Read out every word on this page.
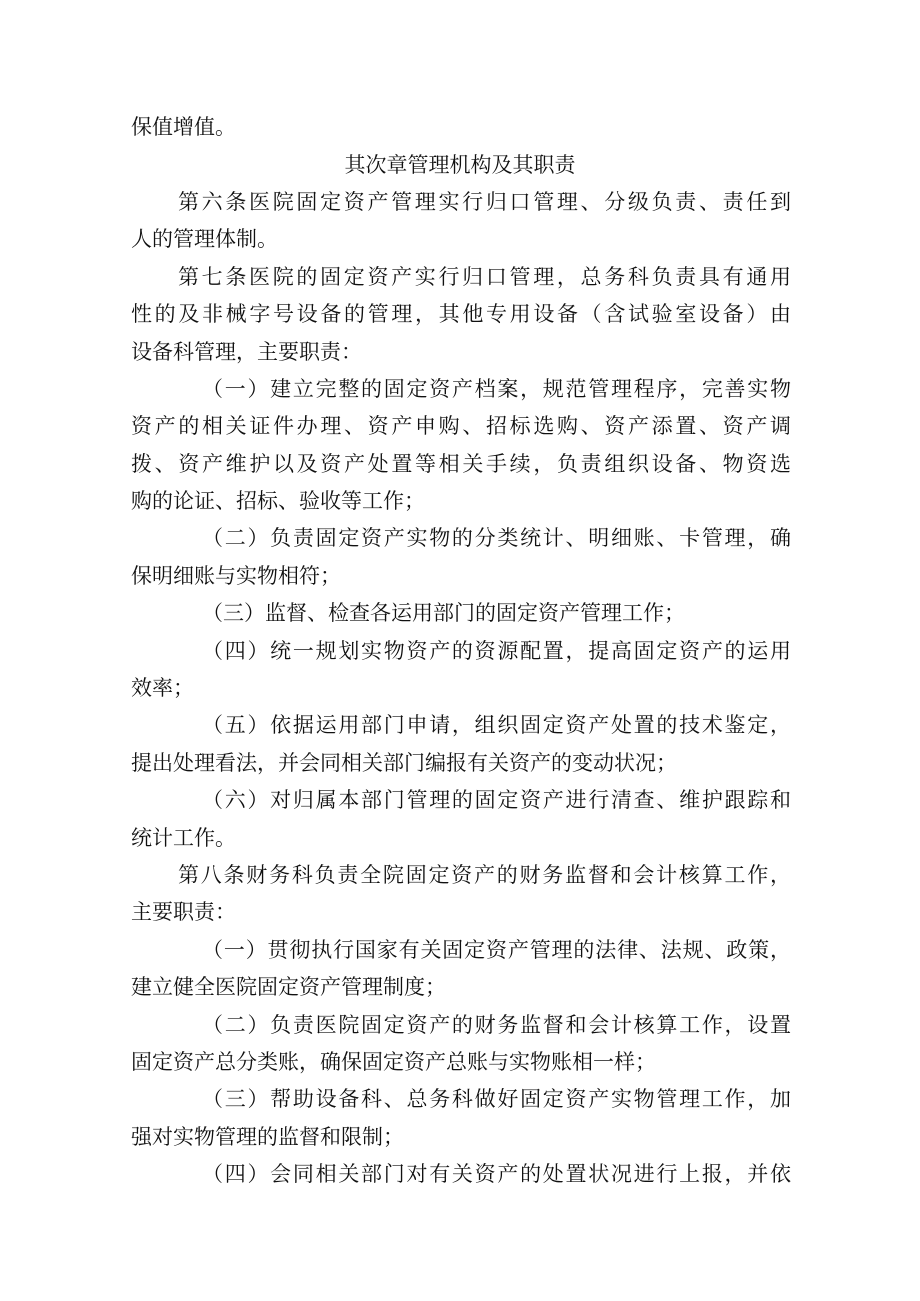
保值增值。
其次章管理机构及其职责
第六条医院固定资产管理实行归口管理、分级负责、责任到
人的管理体制。
第七条医院的固定资产实行归口管理，总务科负责具有通用
性的及非械字号设备的管理，其他专用设备（含试验室设备）由
设备科管理，主要职责：
（一）建立完整的固定资产档案，规范管理程序，完善实物
资产的相关证件办理、资产申购、招标选购、资产添置、资产调
拨、资产维护以及资产处置等相关手续，负责组织设备、物资选
购的论证、招标、验收等工作；
（二）负责固定资产实物的分类统计、明细账、卡管理，确
保明细账与实物相符；
（三）监督、检查各运用部门的固定资产管理工作；
（四）统一规划实物资产的资源配置，提高固定资产的运用
效率；
（五）依据运用部门申请，组织固定资产处置的技术鉴定，
提出处理看法，并会同相关部门编报有关资产的变动状况；
（六）对归属本部门管理的固定资产进行清查、维护跟踪和
统计工作。
第八条财务科负责全院固定资产的财务监督和会计核算工作，
主要职责：
（一）贯彻执行国家有关固定资产管理的法律、法规、政策，
建立健全医院固定资产管理制度；
（二）负责医院固定资产的财务监督和会计核算工作，设置
固定资产总分类账，确保固定资产总账与实物账相一样；
（三）帮助设备科、总务科做好固定资产实物管理工作，加
强对实物管理的监督和限制；
（四）会同相关部门对有关资产的处置状况进行上报，并依
